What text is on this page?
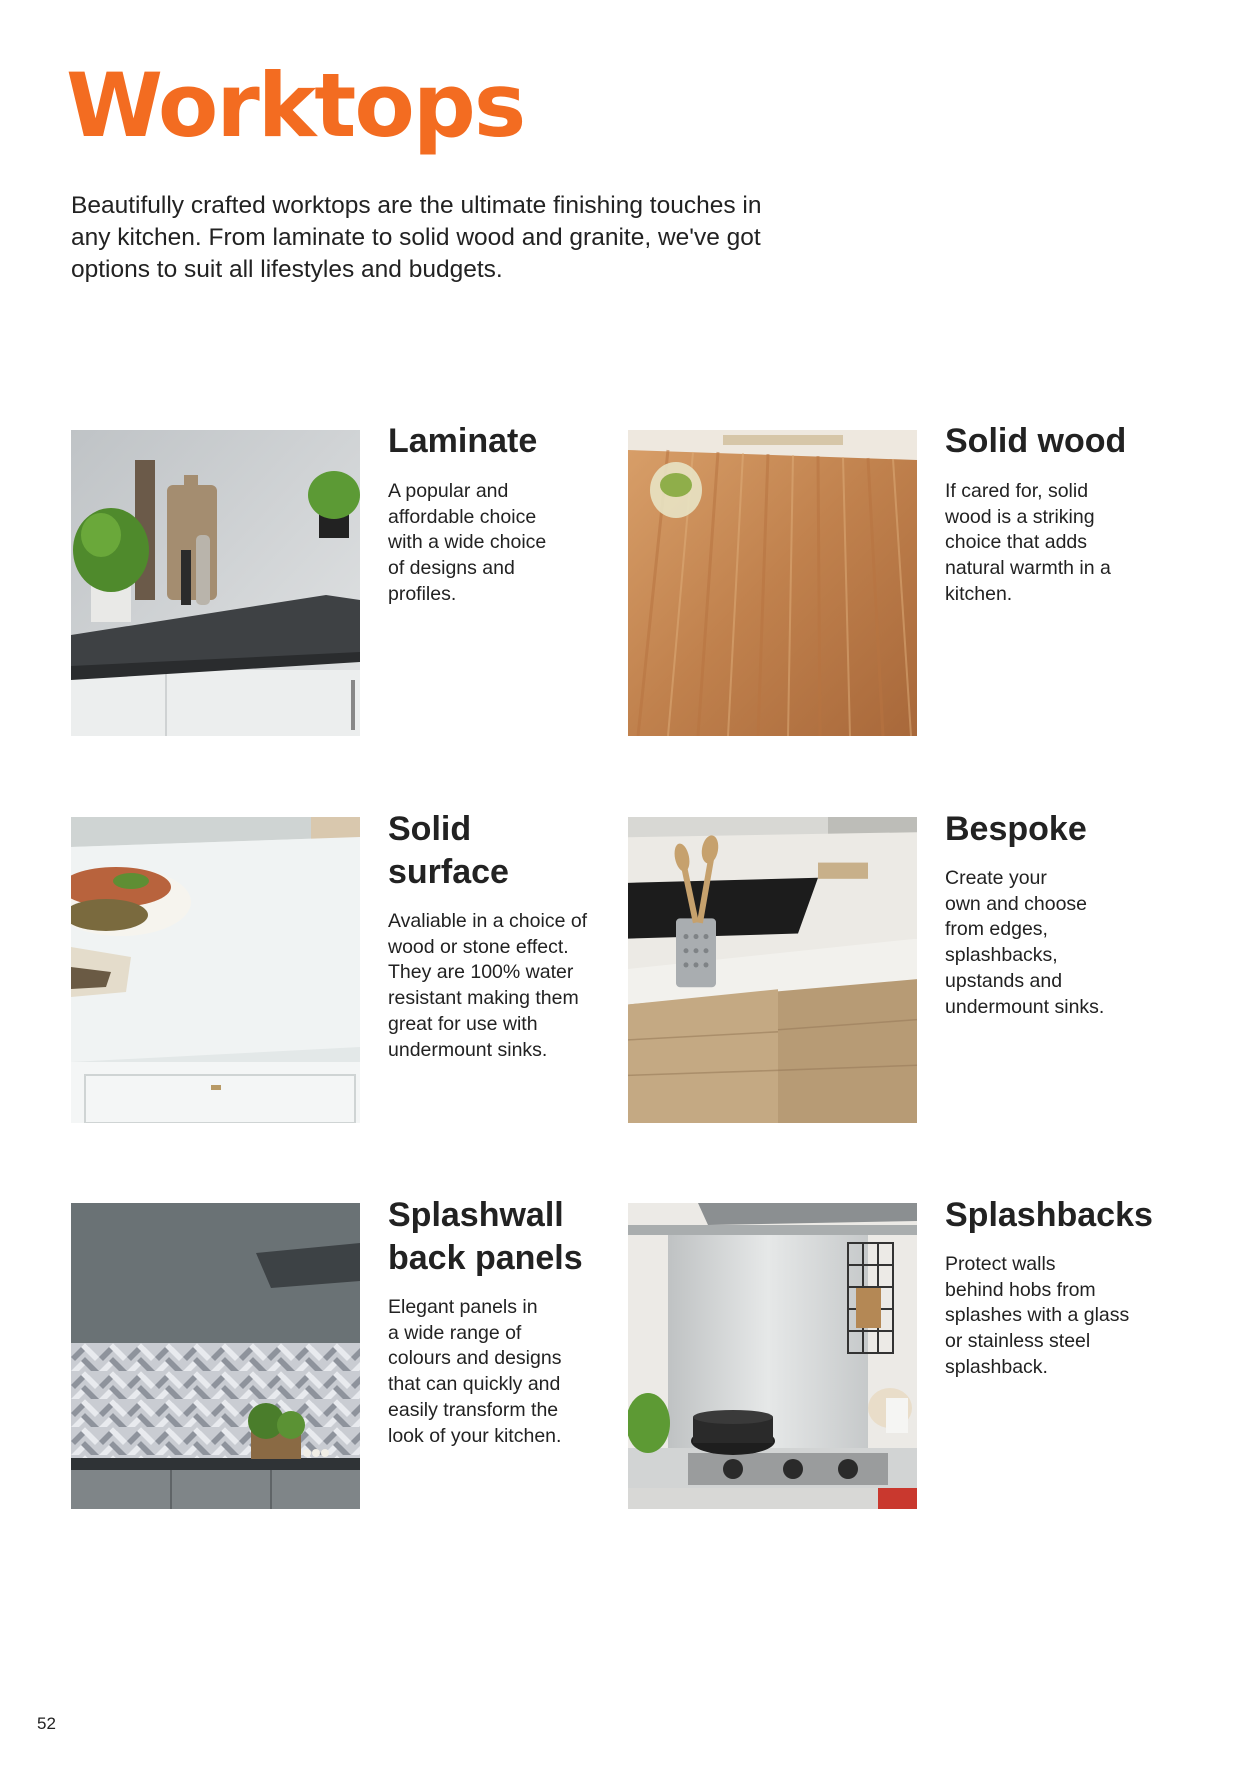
Worktops

Beautifully crafted worktops are the ultimate finishing touches in
any kitchen. From laminate to solid wood and granite, we've got
options to suit all lifestyles and budgets.

Laminate

A popular and
affordable choice
with a wide choice
of designs and
profiles.

Solid wood

If cared for, solid
wood is a striking
choice that adds
natural warmth in a
kitchen.

Solid
surface

Avaliable in a choice of
wood or stone effect.
They are 100% water
resistant making them
great for use with
undermount sinks.

Bespoke

Create your
own and choose
from edges,
splashbacks,
upstands and
undermount sinks.

Splashwall
back panels

Elegant panels in
a wide range of
colours and designs
that can quickly and
easily transform the
look of your kitchen.

Splashbacks

Protect walls
behind hobs from
splashes with a glass
or stainless steel
splashback.

52
